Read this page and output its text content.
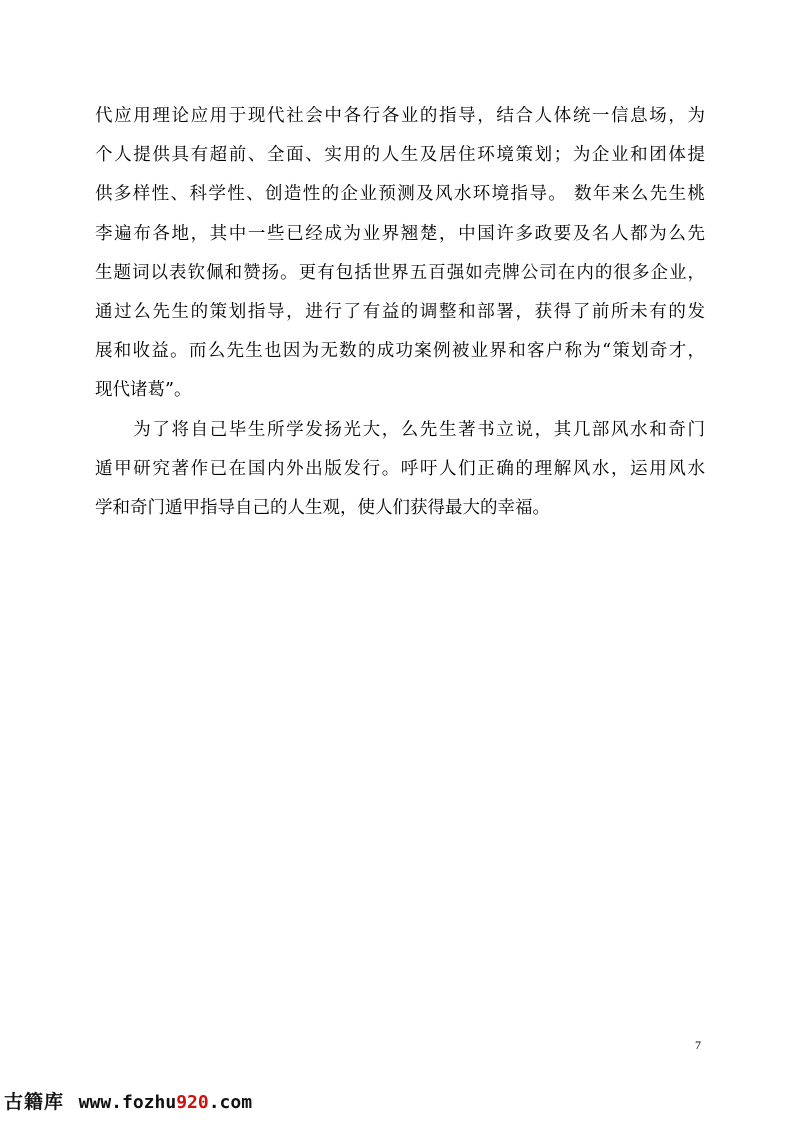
代应用理论应用于现代社会中各行各业的指导，结合人体统一信息场，为
个人提供具有超前、全面、实用的人生及居住环境策划；为企业和团体提
供多样性、科学性、创造性的企业预测及风水环境指导。 数年来么先生桃
李遍布各地，其中一些已经成为业界翘楚，中国许多政要及名人都为么先
生题词以表钦佩和赞扬。更有包括世界五百强如壳牌公司在内的很多企业，
通过么先生的策划指导，进行了有益的调整和部署，获得了前所未有的发
展和收益。而么先生也因为无数的成功案例被业界和客户称为“策划奇才，
现代诸葛”。
　　为了将自己毕生所学发扬光大，么先生著书立说，其几部风水和奇门
遁甲研究著作已在国内外出版发行。呼吁人们正确的理解风水，运用风水
学和奇门遁甲指导自己的人生观，使人们获得最大的幸福。
7
古籍库 www.fozhu920.com
